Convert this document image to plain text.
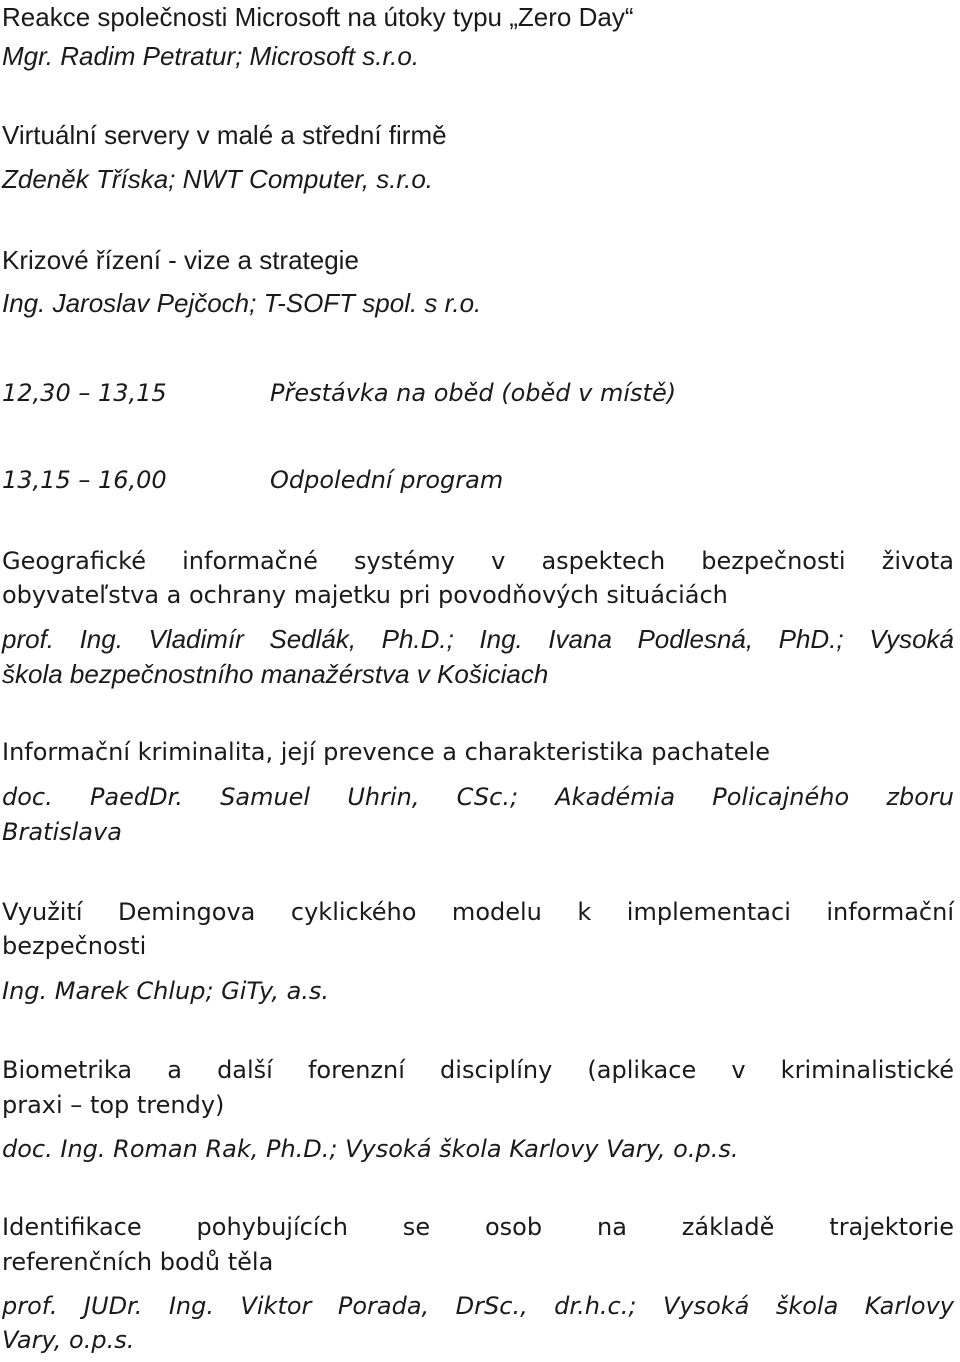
Reakce společnosti Microsoft na útoky typu „Zero Day“
Mgr. Radim Petratur; Microsoft s.r.o.
Virtuální servery v malé a střední firmě
Zdeněk Tříska; NWT Computer, s.r.o.
Krizové řízení - vize a strategie
Ing. Jaroslav Pejčoch; T-SOFT spol. s r.o.
12,30 – 13,15	Přestávka na oběd (oběd v místě)
13,15 – 16,00	Odpolední program
Geografické informačné systémy v aspektech bezpečnosti života
obyvateľstva a ochrany majetku pri povodňových situáciách
prof. Ing. Vladimír Sedlák, Ph.D.; Ing. Ivana Podlesná, PhD.; Vysoká
škola bezpečnostního manažérstva v Košiciach
Informační kriminalita, její prevence a charakteristika pachatele
doc. PaedDr. Samuel Uhrin, CSc.; Akadémia Policajného zboru
Bratislava
Využití Demingova cyklického modelu k implementaci informační
bezpečnosti
Ing. Marek Chlup; GiTy, a.s.
Biometrika a další forenzní disciplíny (aplikace v kriminalistické
praxi – top trendy)
doc. Ing. Roman Rak, Ph.D.; Vysoká škola Karlovy Vary, o.p.s.
Identifikace pohybujících se osob na základě trajektorie
referenčních bodů těla
prof. JUDr. Ing. Viktor Porada, DrSc., dr.h.c.; Vysoká škola Karlovy
Vary, o.p.s.
